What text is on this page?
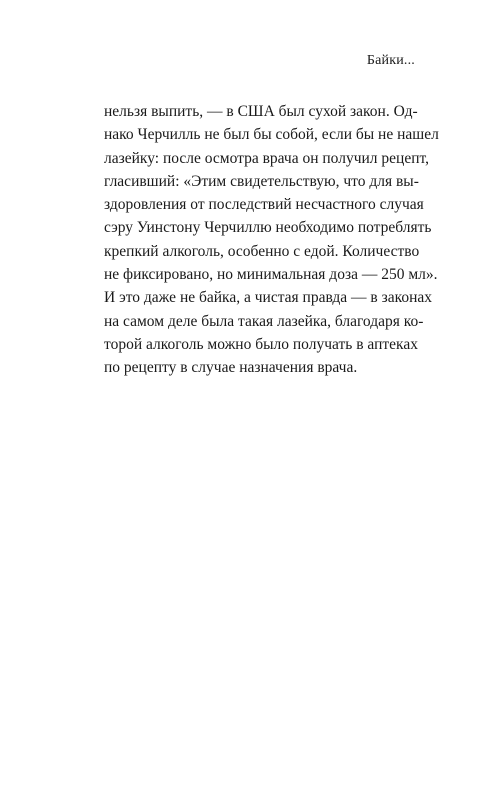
Байки...
нельзя выпить, — в США был сухой закон. Од-
нако Черчилль не был бы собой, если бы не нашел
лазейку: после осмотра врача он получил рецепт,
гласивший: «Этим свидетельствую, что для вы-
здоровления от последствий несчастного случая
сэру Уинстону Черчиллю необходимо потреблять
крепкий алкоголь, особенно с едой. Количество
не фиксировано, но минимальная доза — 250 мл».
И это даже не байка, а чистая правда — в законах
на самом деле была такая лазейка, благодаря ко-
торой алкоголь можно было получать в аптеках
по рецепту в случае назначения врача.
